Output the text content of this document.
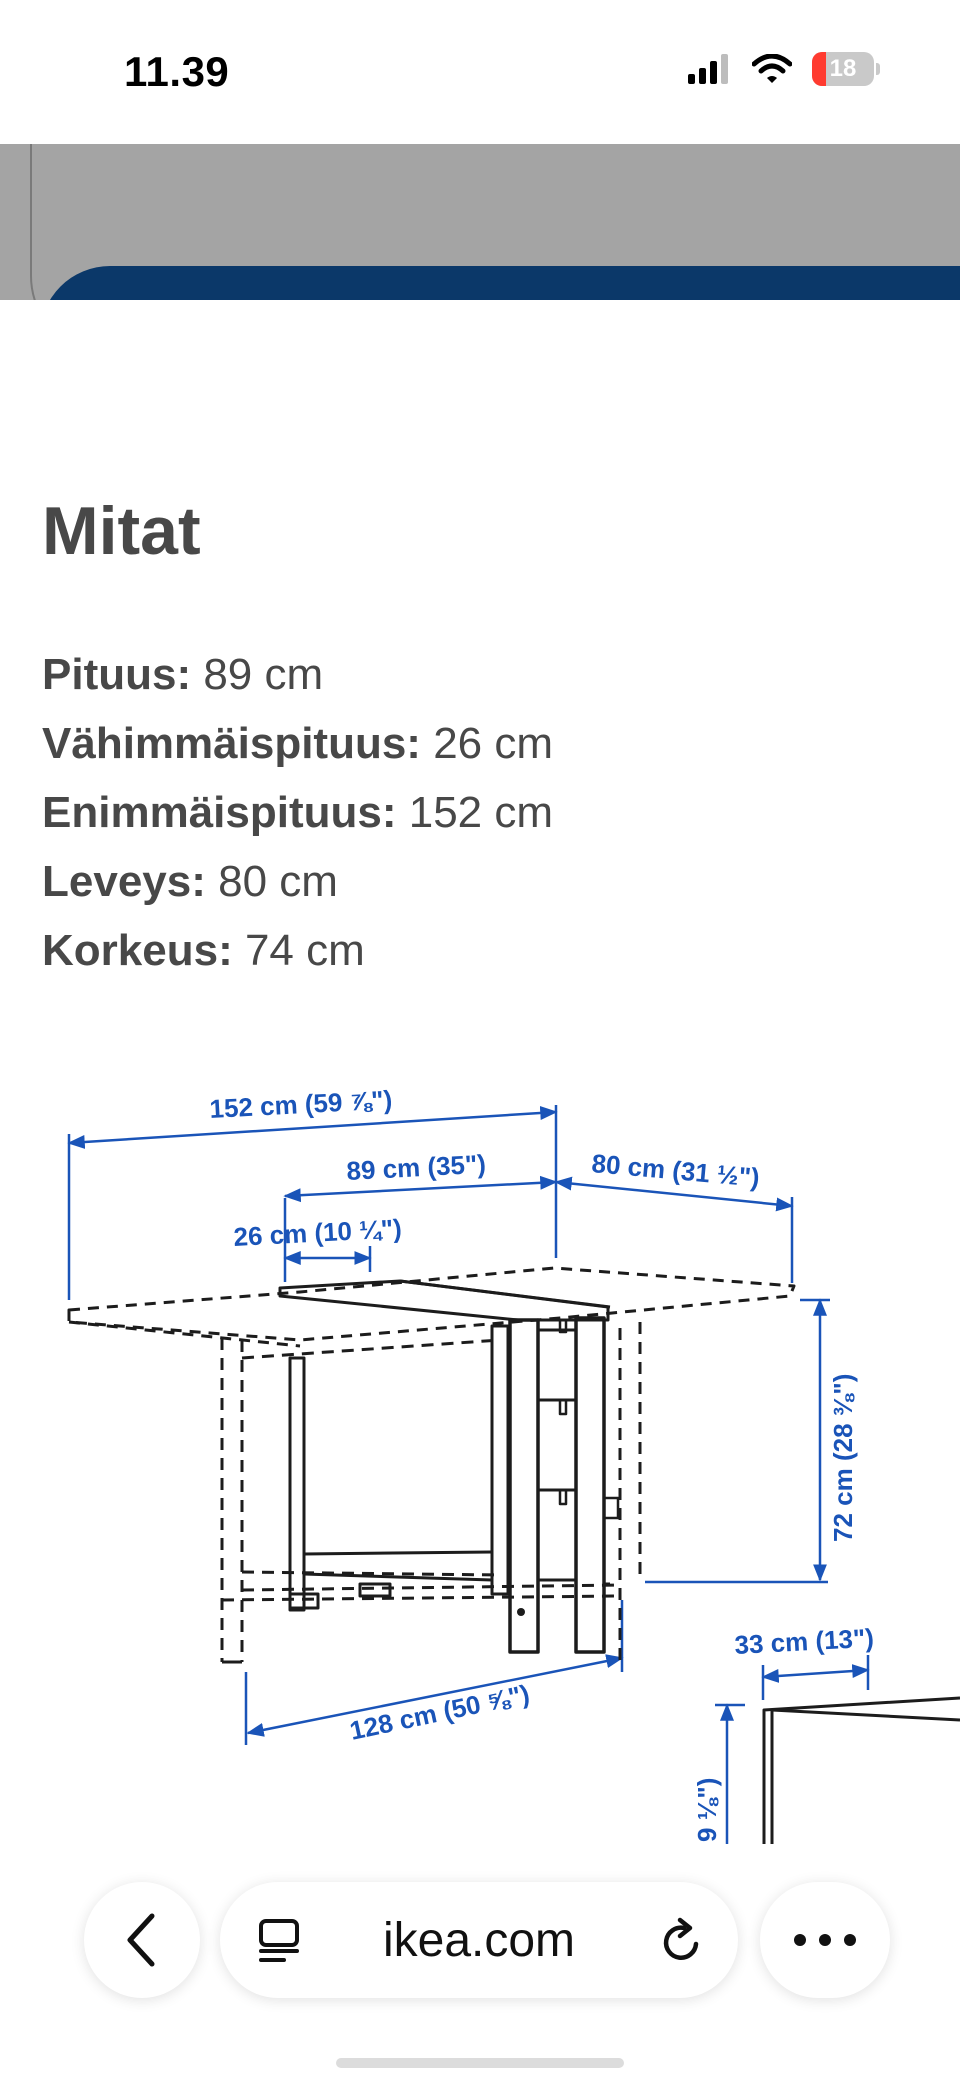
11.39	18
Mitat
Pituus: 89 cm
Vähimmäispituus: 26 cm
Enimmäispituus: 152 cm
Leveys: 80 cm
Korkeus: 74 cm
152 cm (59 ⅞")
89 cm (35")	80 cm (31 ½")
26 cm (10 ¼")
72 cm (28 ⅜")
128 cm (50 ⅝")
33 cm (13")
9 ⅛")
ikea.com
